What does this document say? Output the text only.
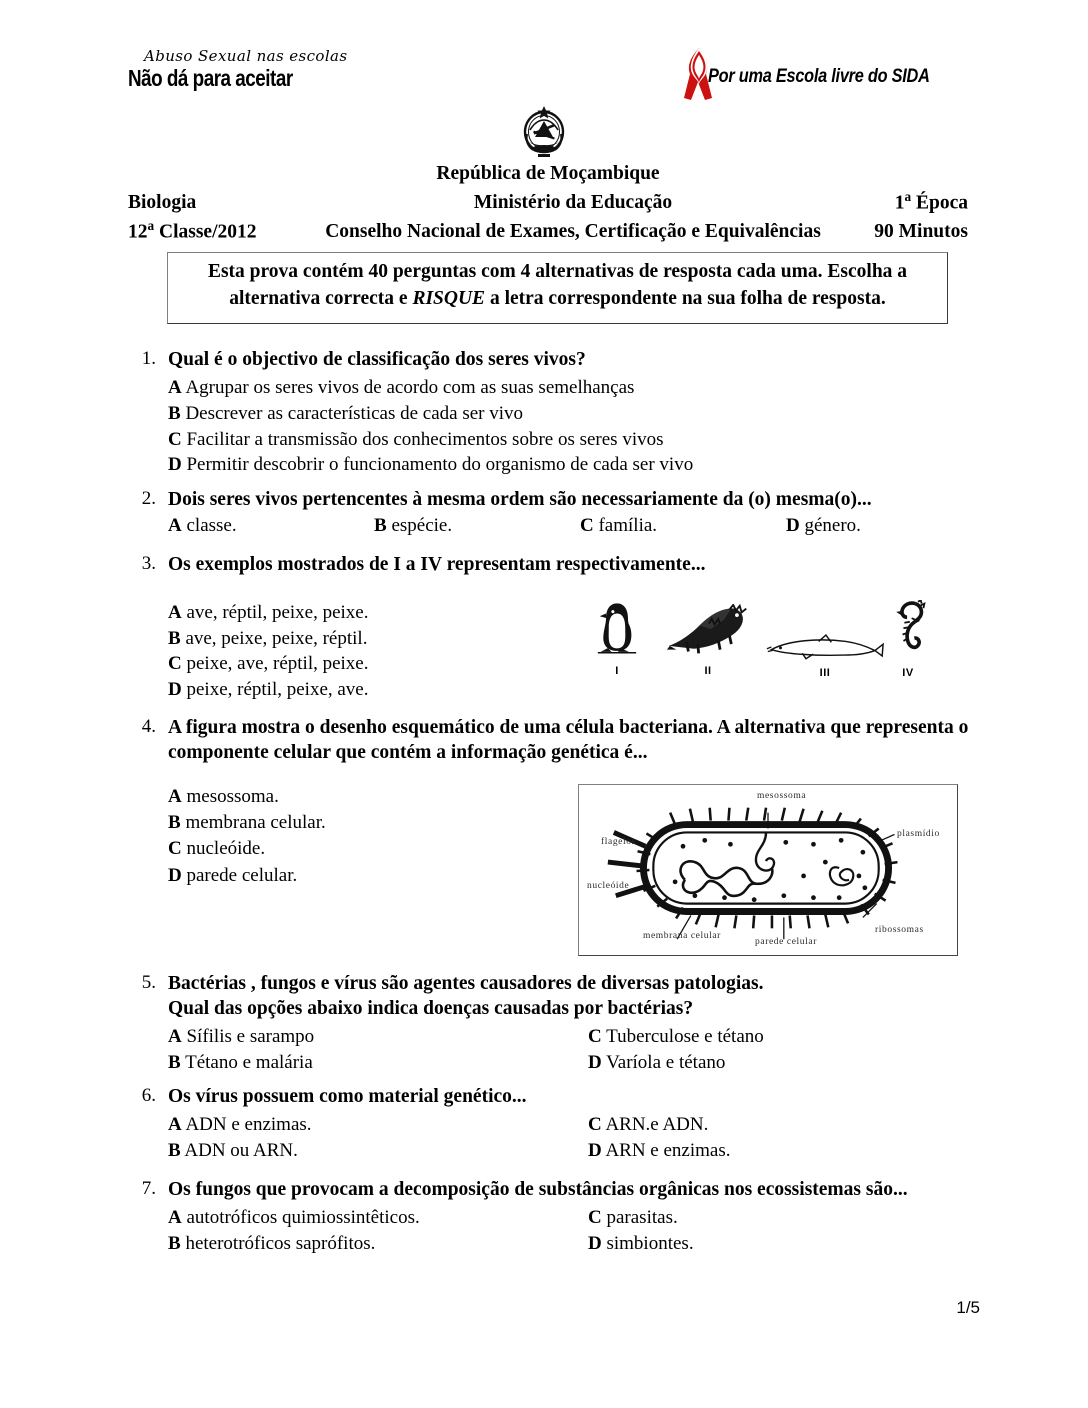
Abuso Sexual nas escolas
Não dá para aceitar	Por uma Escola livre do SIDA
República de Moçambique
Biologia	Ministério da Educação	1$^a$ Época
12$^a$ Classe/2012	Conselho Nacional de Exames, Certificação e Equivalências	90 Minutos
Esta prova contém 40 perguntas com 4 alternativas de resposta cada uma. Escolha a
alternativa correcta e RISQUE a letra correspondente na sua folha de resposta.
1. Qual é o objectivo de classificação dos seres vivos?
A Agrupar os seres vivos de acordo com as suas semelhanças
B Descrever as características de cada ser vivo
C Facilitar a transmissão dos conhecimentos sobre os seres vivos
D Permitir descobrir o funcionamento do organismo de cada ser vivo
2. Dois seres vivos pertencentes à mesma ordem são necessariamente da (o) mesma(o)...
A classe.	B espécie.	C família.	D género.
3. Os exemplos mostrados de I a IV representam respectivamente...
A ave, réptil, peixe, peixe.
B ave, peixe, peixe, réptil.
C peixe, ave, réptil, peixe.
D peixe, réptil, peixe, ave.
I	II	III	IV
4. A figura mostra o desenho esquemático de uma célula bacteriana. A alternativa que representa o componente celular que contém a informação genética é...
A mesossoma.
B membrana celular.
C nucleóide.
D parede celular.
mesossoma
flagelos
plasmídio
nucleóide
membrana celular
parede celular
ribossomas
5. Bactérias , fungos e vírus são agentes causadores de diversas patologias.
Qual das opções abaixo indica doenças causadas por bactérias?
A Sífilis e sarampo
B Tétano e malária
C Tuberculose e tétano
D Varíola e tétano
6. Os vírus possuem como material genético...
A ADN e enzimas.
B ADN ou ARN.
C ARN.e ADN.
D ARN e enzimas.
7. Os fungos que provocam a decomposição de substâncias orgânicas nos ecossistemas são...
A autotróficos quimiossintêticos.
B heterotróficos saprófitos.
C parasitas.
D simbiontes.
1/5
